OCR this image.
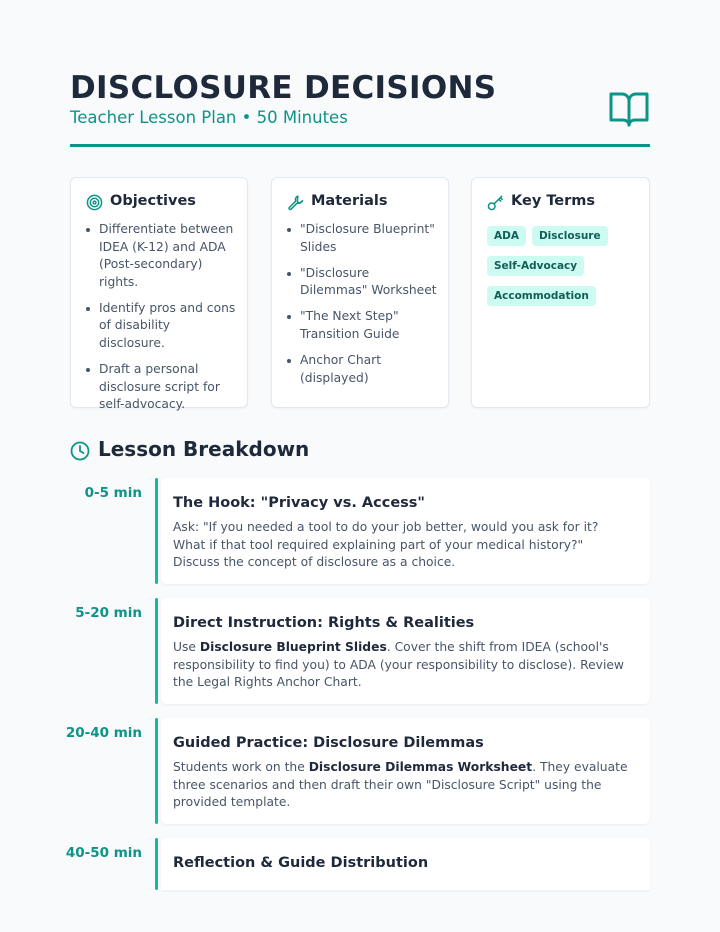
DISCLOSURE DECISIONS
Teacher Lesson Plan • 50 Minutes
Objectives
Differentiate between IDEA (K-12) and ADA (Post-secondary) rights.
Identify pros and cons of disability disclosure.
Draft a personal disclosure script for self-advocacy.
Materials
"Disclosure Blueprint" Slides
"Disclosure Dilemmas" Worksheet
"The Next Step" Transition Guide
Anchor Chart (displayed)
Key Terms
ADA Disclosure
Self-Advocacy
Accommodation
Lesson Breakdown
0-5 min
The Hook: "Privacy vs. Access"
Ask: "If you needed a tool to do your job better, would you ask for it? What if that tool required explaining part of your medical history?" Discuss the concept of disclosure as a choice.
5-20 min
Direct Instruction: Rights & Realities
Use Disclosure Blueprint Slides. Cover the shift from IDEA (school's responsibility to find you) to ADA (your responsibility to disclose). Review the Legal Rights Anchor Chart.
20-40 min
Guided Practice: Disclosure Dilemmas
Students work on the Disclosure Dilemmas Worksheet. They evaluate three scenarios and then draft their own "Disclosure Script" using the provided template.
40-50 min
Reflection & Guide Distribution
